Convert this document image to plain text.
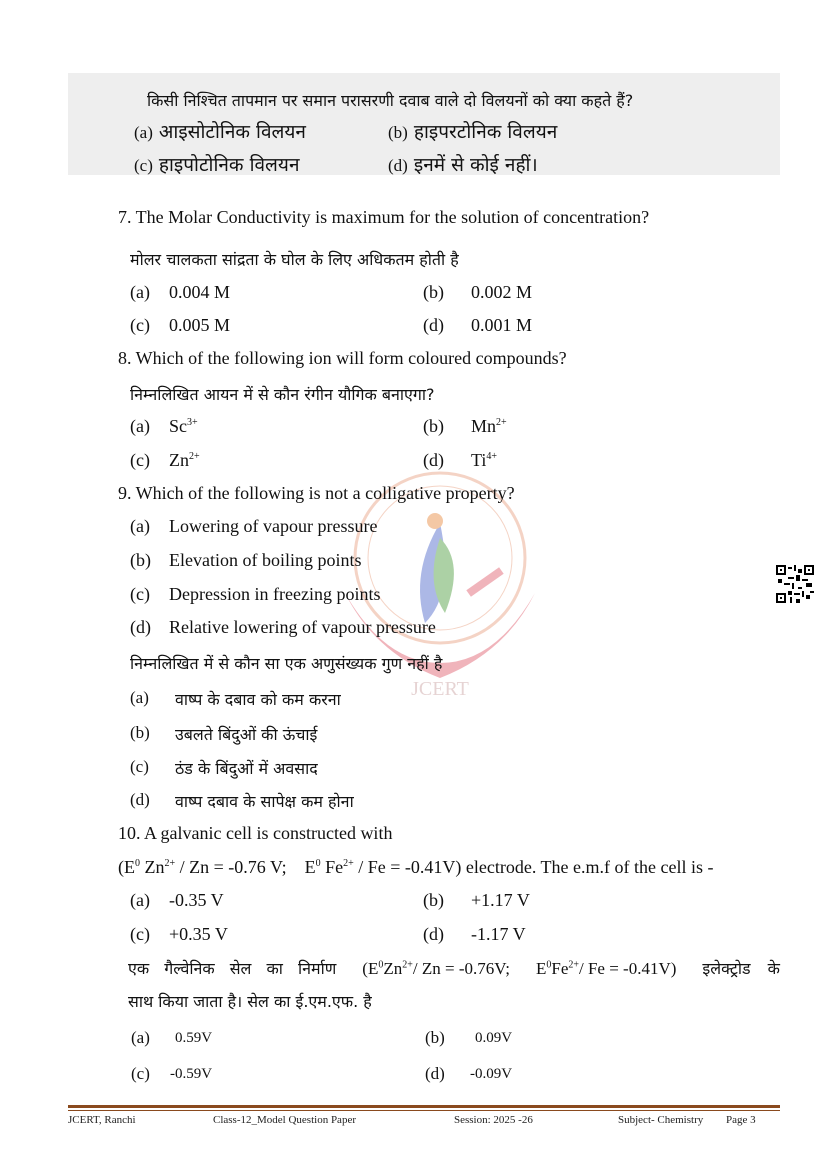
किसी निश्चित तापमान पर समान परासरणी दवाब वाले दो विलयनों को क्या कहते हैं?
(a) आइसोटोनिक विलयन	(b) हाइपरटोनिक विलयन
(c) हाइपोटोनिक विलयन	(d) इनमें से कोई नहीं।
JCERT
7. The Molar Conductivity is maximum for the solution of concentration?
मोलर चालकता सांद्रता के घोल के लिए अधिकतम होती है
(a) 0.004 M	(b) 0.002 M
(c) 0.005 M	(d) 0.001 M
8. Which of the following ion will form coloured compounds?
निम्नलिखित आयन में से कौन रंगीन यौगिक बनाएगा?
(a) $Sc^{3+}$	(b) $Mn^{2+}$
(c) $Zn^{2+}$	(d) $Ti^{4+}$
9. Which of the following is not a colligative property?
(a) Lowering of vapour pressure
(b) Elevation of boiling points
(c) Depression in freezing points
(d) Relative lowering of vapour pressure
निम्नलिखित में से कौन सा एक अणुसंख्यक गुण नहीं है
(a) वाष्प के दबाव को कम करना
(b) उबलते बिंदुओं की ऊंचाई
(c) ठंड के बिंदुओं में अवसाद
(d) वाष्प दबाव के सापेक्ष कम होना
10. A galvanic cell is constructed with
($E^0$ $Zn^{2+} / Zn = -0.76$ V; $E^0$ $Fe^{2+} / Fe = -0.41V$) electrode. The e.m.f of the cell is -
(a) -0.35 V	(b) +1.17 V
(c) +0.35 V	(d) -1.17 V
एक गैल्वेनिक सेल का निर्माण ($E^0Zn^{2+}/$ Zn = -0.76V; $E^0Fe^{2+}/$ Fe = -0.41V) इलेक्ट्रोड के
साथ किया जाता है। सेल का ई.एम.एफ. है
(a) 0.59V	(b) 0.09V
(c) -0.59V	(d) -0.09V
JCERT, Ranchi	Class-12_Model Question Paper	Session: 2025 -26	Subject- Chemistry Page 3
